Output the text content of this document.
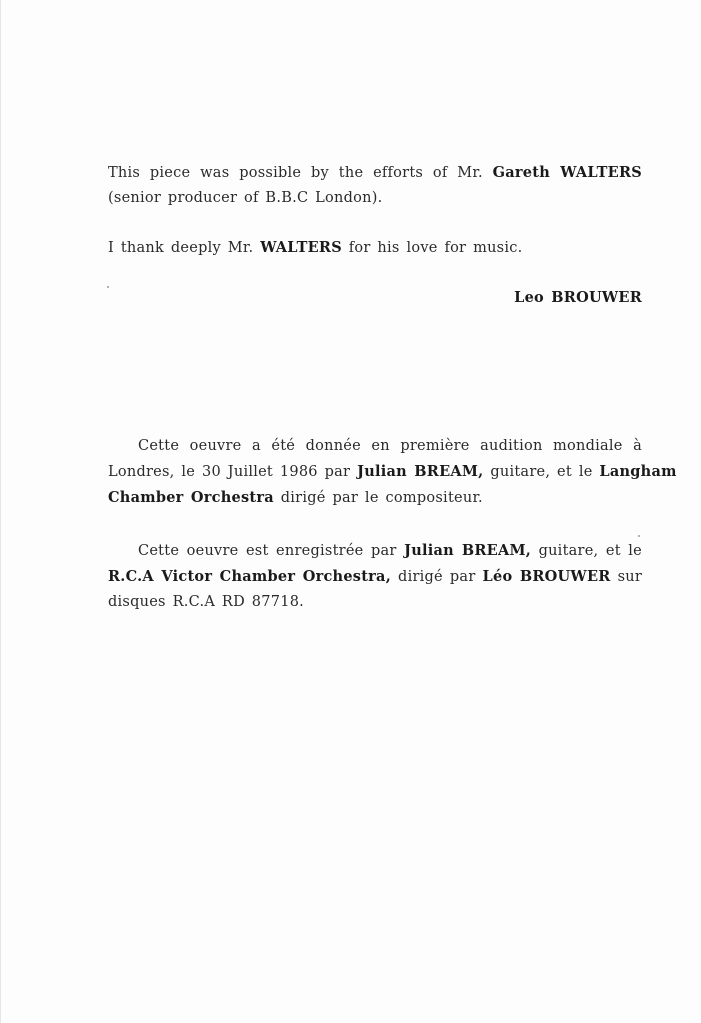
This piece was possible by the efforts of Mr. Gareth WALTERS
(senior producer of B.B.C London).
I thank deeply Mr. WALTERS for his love for music.
Leo BROUWER
Cette oeuvre a été donnée en première audition mondiale à
Londres, le 30 Juillet 1986 par Julian BREAM, guitare, et le Langham
Chamber Orchestra dirigé par le compositeur.
Cette oeuvre est enregistrée par Julian BREAM, guitare, et le
R.C.A Victor Chamber Orchestra, dirigé par Léo BROUWER sur
disques R.C.A RD 87718.
